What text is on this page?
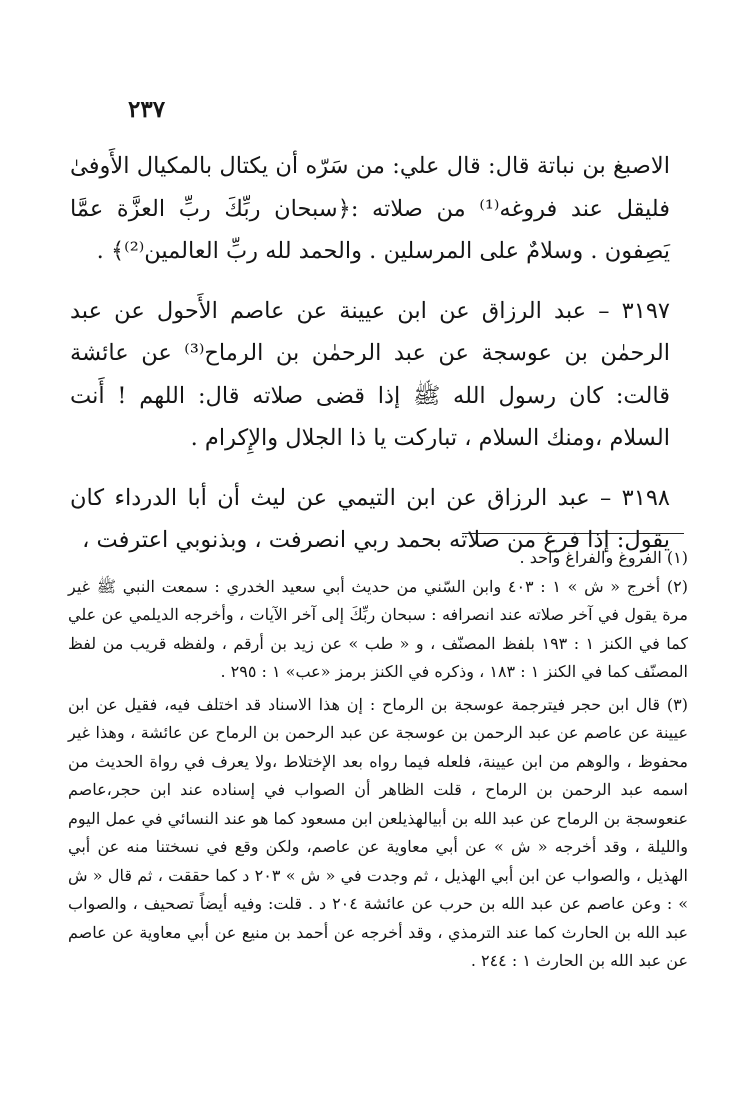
٢٣٧

الاصبغ بن نباتة قال: قال علي: من سَرّه أن يكتال بالمكيال الأَوفىٰ فليقل عند فروغه⁽¹⁾ من صلاته :﴿سبحان ربِّكَ ربِّ العزَّة عمَّا يَصِفون . وسلامٌ على المرسلين . والحمد لله ربِّ العالمين⁽²⁾﴾ .

٣١٩٧ – عبد الرزاق عن ابن عيينة عن عاصم الأَحول عن عبد الرحمٰن بن عوسجة عن عبد الرحمٰن بن الرماح⁽³⁾ عن عائشة قالت: كان رسول الله ﷺ إذا قضى صلاته قال: اللهم ! أَنت السلام ،ومنك السلام ، تباركت يا ذا الجلال والإِكرام .

٣١٩٨ – عبد الرزاق عن ابن التيمي عن ليث أن أبا الدرداء كان يقول: إذا فرغ من صلاته بحمد ربي انصرفت ، وبذنوبي اعترفت ،

(١) الفروغ والفراغ واحد .

(٢) أخرج « ش » ١ : ٤٠٣ وابن السّني من حديث أبي سعيد الخدري : سمعت النبي ﷺ غير مرة يقول في آخر صلاته عند انصرافه : سبحان ربِّكَ إلى آخر الآيات ، وأخرجه الديلمي عن علي كما في الكنز ١ : ١٩٣ بلفظ المصنّف ، و « طب » عن زيد بن أرقم ، ولفظه قريب من لفظ المصنّف كما في الكنز ١ : ١٨٣ ، وذكره في الكنز برمز «عب» ١ : ٢٩٥ .

(٣) قال ابن حجر فيترجمة عوسجة بن الرماح : إن هذا الاسناد قد اختلف فيه، فقيل عن ابن عيينة عن عاصم عن عبد الرحمن بن عوسجة عن عبد الرحمن بن الرماح عن عائشة ، وهذا غير محفوظ ، والوهم من ابن عيينة، فلعله فيما رواه بعد الإختلاط ،ولا يعرف في رواة الحديث من اسمه عبد الرحمن بن الرماح ، قلت الظاهر أن الصواب في إسناده عند ابن حجر،عاصم عنعوسجة بن الرماح عن عبد الله بن أبيالهذيلعن ابن مسعود كما هو عند النسائي في عمل اليوم والليلة ، وقد أخرجه « ش » عن أبي معاوية عن عاصم، ولكن وقع في نسختنا منه عن أبي الهذيل ، والصواب عن ابن أبي الهذيل ، ثم وجدت في « ش » ٢٠٣ د كما حققت ، ثم قال « ش » : وعن عاصم عن عبد الله بن حرب عن عائشة ٢٠٤ د . قلت: وفيه أيضاً تصحيف ، والصواب عبد الله بن الحارث كما عند الترمذي ، وقد أخرجه عن أحمد بن منيع عن أبي معاوية عن عاصم عن عبد الله بن الحارث ١ : ٢٤٤ .
